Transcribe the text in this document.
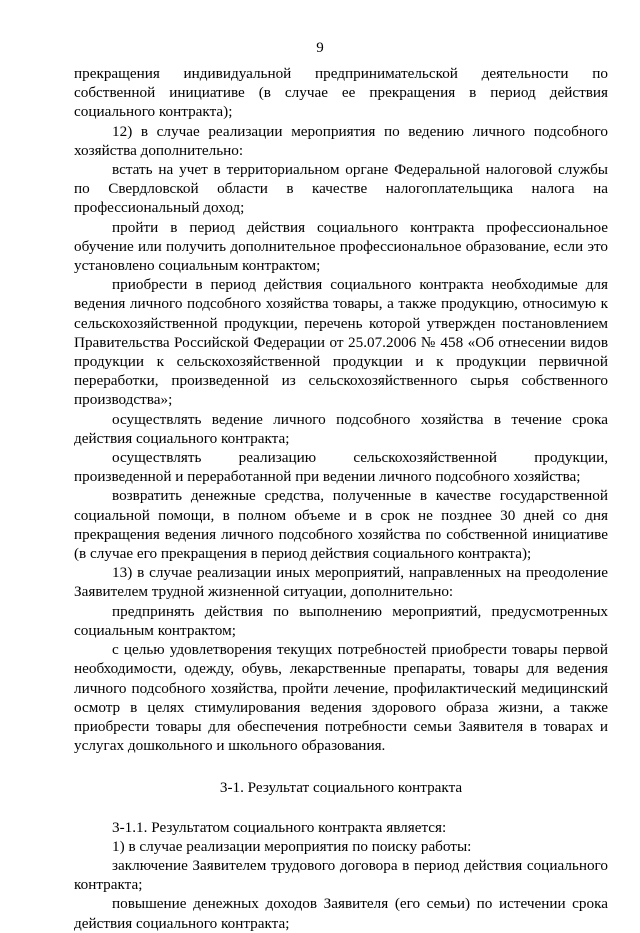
9

прекращения индивидуальной предпринимательской деятельности по собственной инициативе (в случае ее прекращения в период действия социального контракта);

12) в случае реализации мероприятия по ведению личного подсобного хозяйства дополнительно:

встать на учет в территориальном органе Федеральной налоговой службы по Свердловской области в качестве налогоплательщика налога на профессиональный доход;

пройти в период действия социального контракта профессиональное обучение или получить дополнительное профессиональное образование, если это установлено социальным контрактом;

приобрести в период действия социального контракта необходимые для ведения личного подсобного хозяйства товары, а также продукцию, относимую к сельскохозяйственной продукции, перечень которой утвержден постановлением Правительства Российской Федерации от 25.07.2006 № 458 «Об отнесении видов продукции к сельскохозяйственной продукции и к продукции первичной переработки, произведенной из сельскохозяйственного сырья собственного производства»;

осуществлять ведение личного подсобного хозяйства в течение срока действия социального контракта;

осуществлять реализацию сельскохозяйственной продукции, произведенной и переработанной при ведении личного подсобного хозяйства;

возвратить денежные средства, полученные в качестве государственной социальной помощи, в полном объеме и в срок не позднее 30 дней со дня прекращения ведения личного подсобного хозяйства по собственной инициативе (в случае его прекращения в период действия социального контракта);

13) в случае реализации иных мероприятий, направленных на преодоление Заявителем трудной жизненной ситуации, дополнительно:

предпринять действия по выполнению мероприятий, предусмотренных социальным контрактом;

с целью удовлетворения текущих потребностей приобрести товары первой необходимости, одежду, обувь, лекарственные препараты, товары для ведения личного подсобного хозяйства, пройти лечение, профилактический медицинский осмотр в целях стимулирования ведения здорового образа жизни, а также приобрести товары для обеспечения потребности семьи Заявителя в товарах и услугах дошкольного и школьного образования.

3-1. Результат социального контракта

3-1.1. Результатом социального контракта является:

1) в случае реализации мероприятия по поиску работы:

заключение Заявителем трудового договора в период действия социального контракта;

повышение денежных доходов Заявителя (его семьи) по истечении срока действия социального контракта;
